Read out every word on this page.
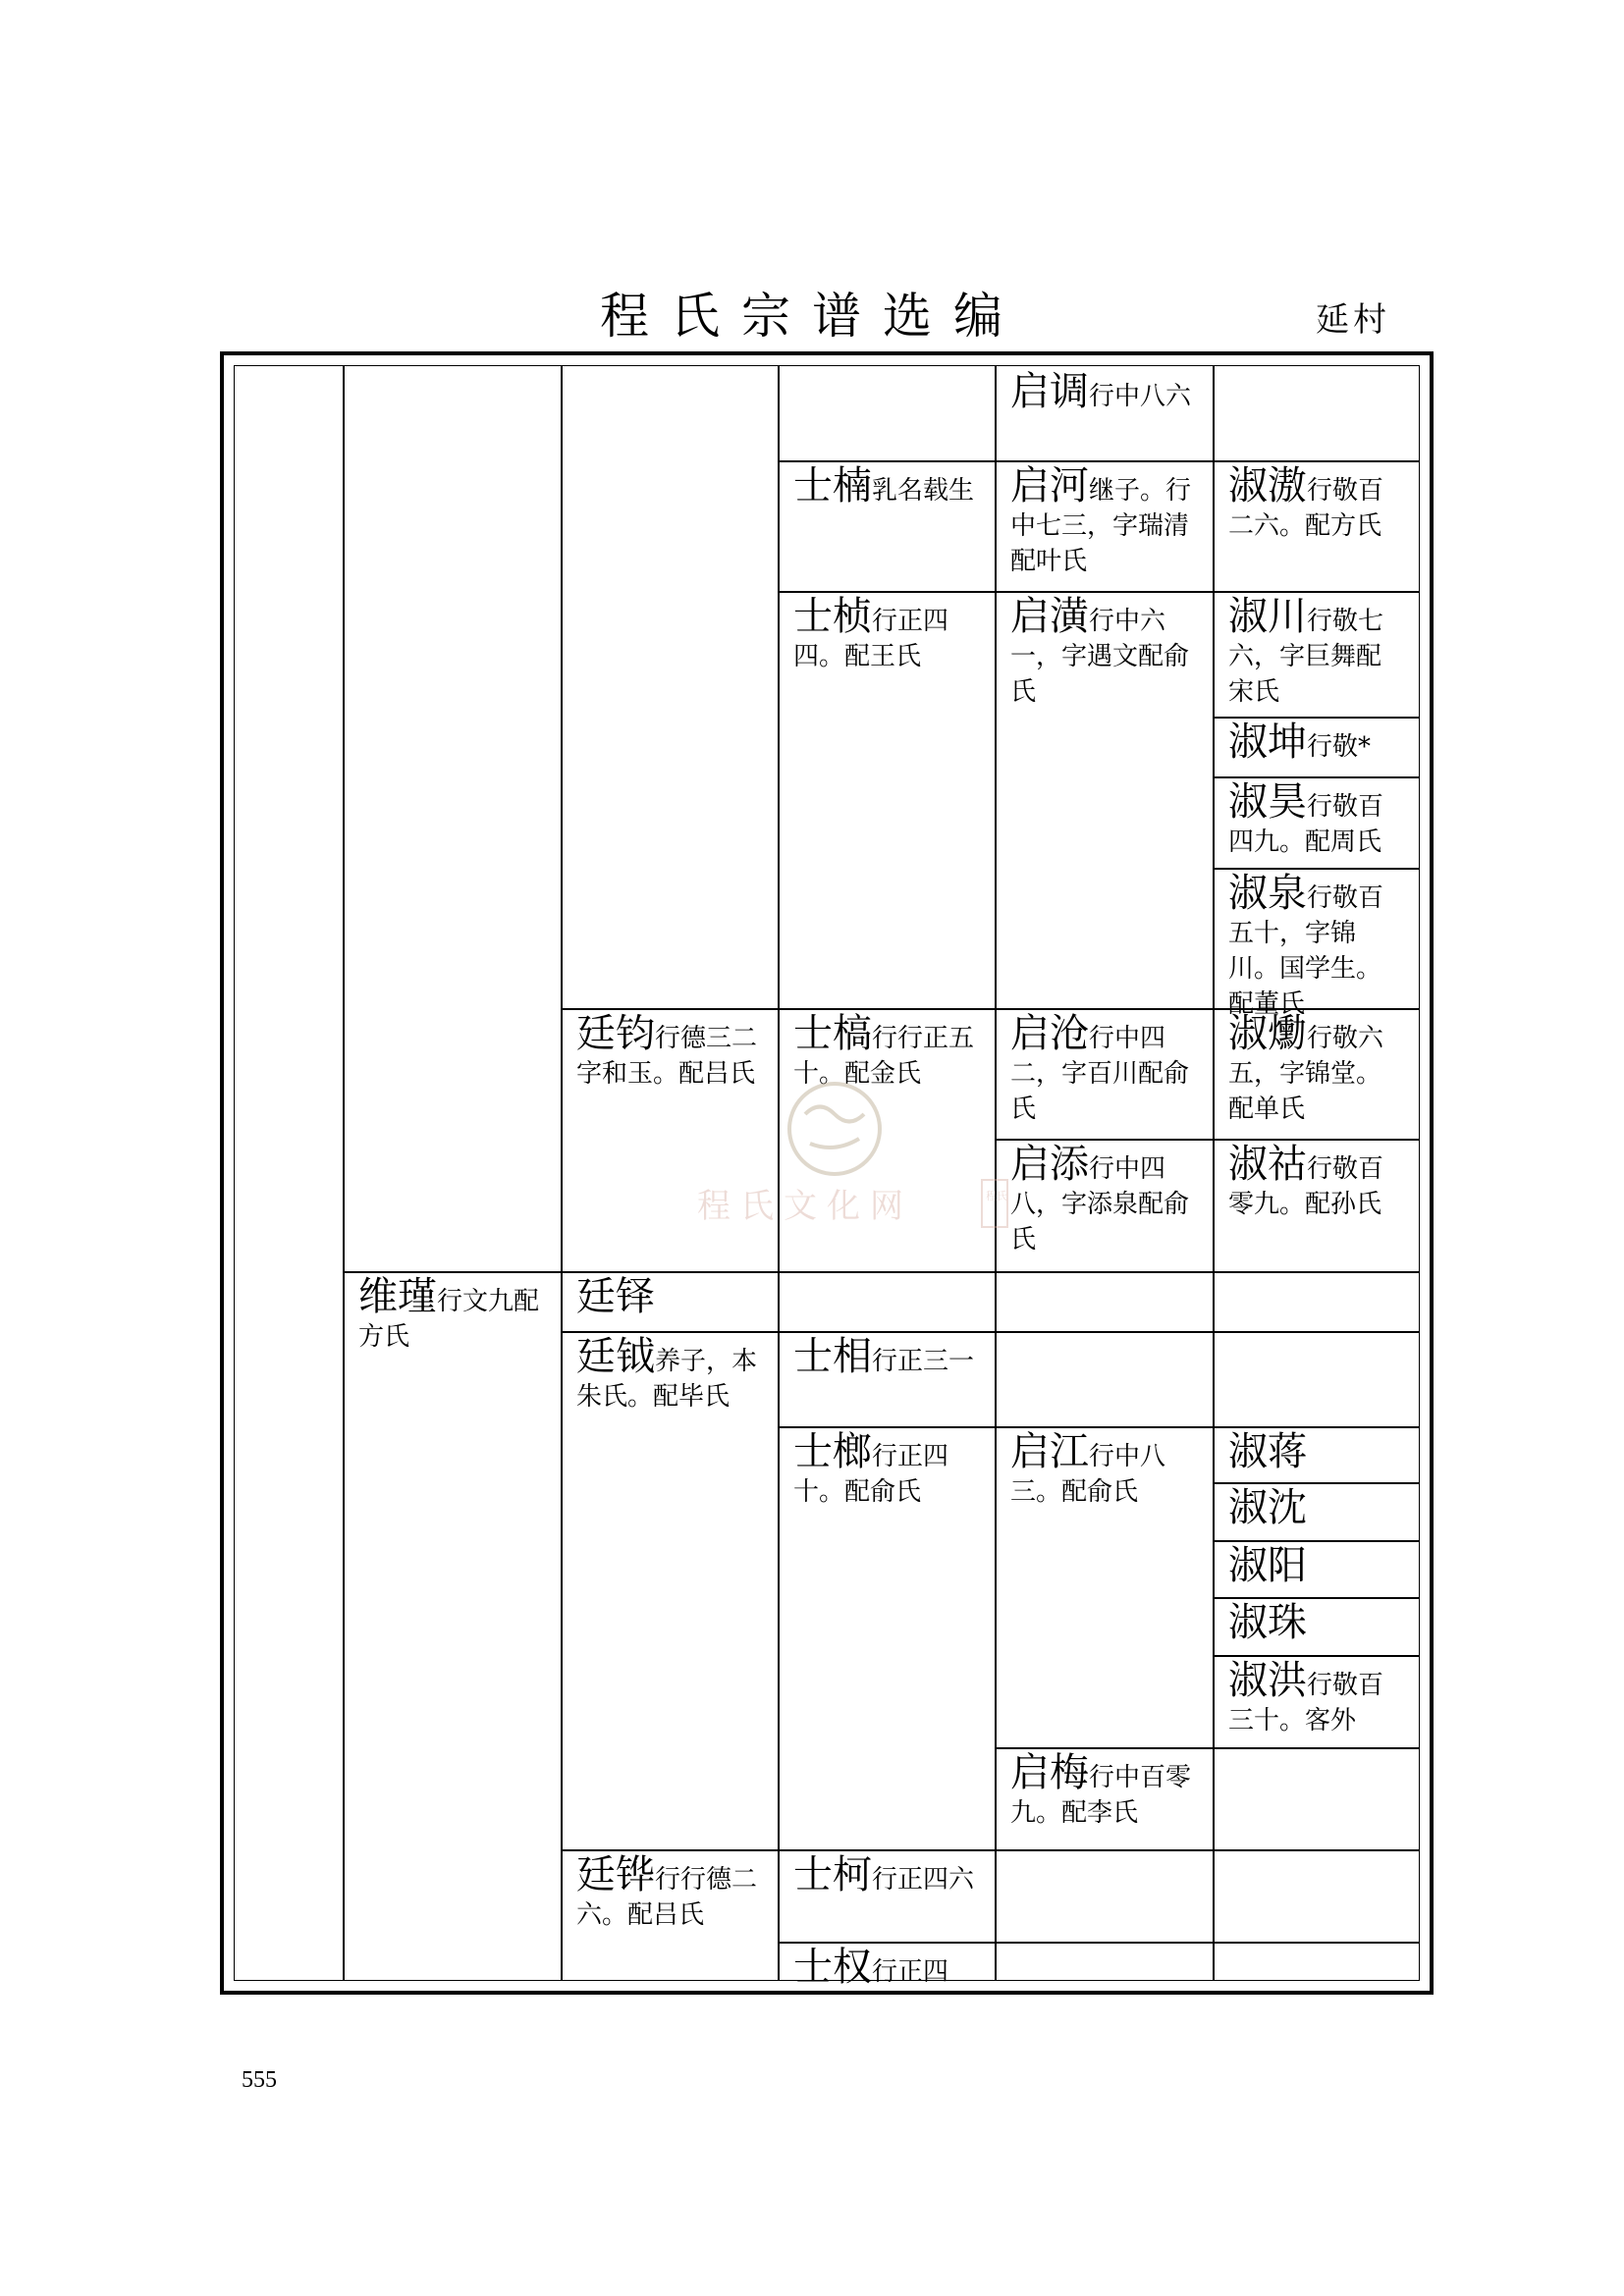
程氏宗谱选编	延村
启调行中八六
士楠乳名载生 启河继子。行中七三，字瑞清配叶氏
淑滶行敬百二六。配方氏
士桢行正四四。配王氏
启潢行中六一，字遇文配俞氏
淑川行敬七六，字巨舞配宋氏
淑坤行敬*
淑昊行敬百四九。配周氏
淑泉行敬百五十，字锦川。国学生。配董氏
廷钧行德三二字和玉。配吕氏
士槁行行正五十。配金氏
启沧行中四二，字百川配俞氏
淑爋行敬六五，字锦堂。配单氏
启添行中四八，字添泉配俞氏
淑祜行敬百零九。配孙氏
维瑾行文九配方氏
廷铎
廷钺养子，本朱氏。配毕氏
士相行正三一
士榔行正四十。配俞氏
启江行中八三。配俞氏
淑蒋
淑沈
淑阳
淑珠
淑洪行敬百三十。客外
启梅行中百零九。配李氏
廷铧行行德二六。配吕氏
士柯行正四六
士权行正四
程氏文化网	程氏
555
